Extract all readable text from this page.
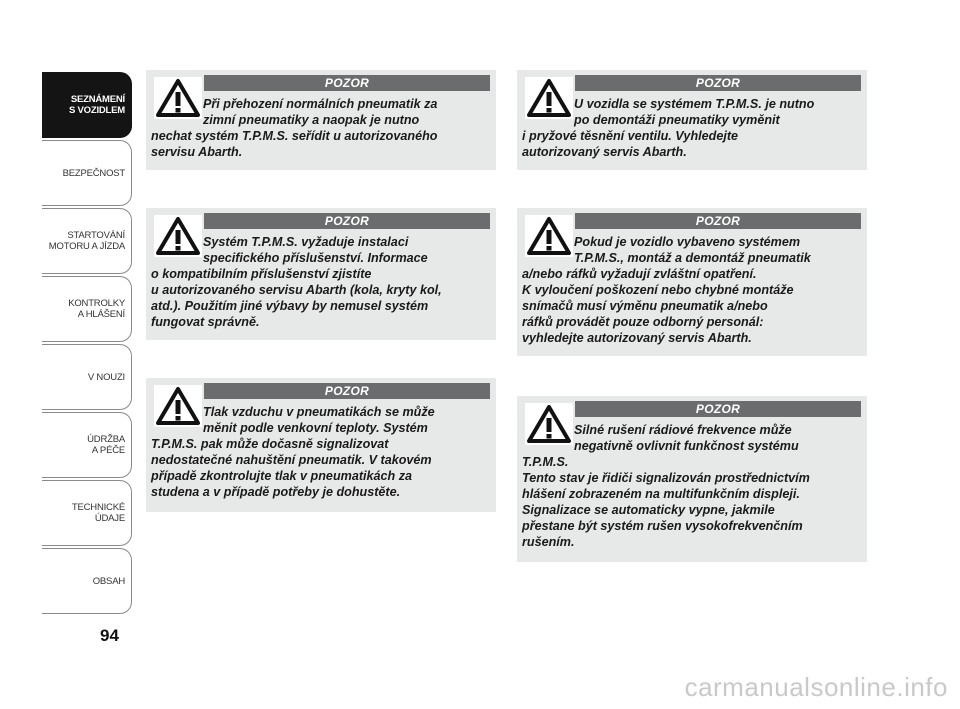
SEZNÁMENÍ
S VOZIDLEM
BEZPEČNOST
STARTOVÁNÍ
MOTORU A JÍZDA
KONTROLKY
A HLÁŠENÍ
V NOUZI
ÚDRŽBA
A PÉČE
TECHNICKÉ
ÚDAJE
OBSAH
94
POZOR
Při přehození normálních pneumatik za
zimní pneumatiky a naopak je nutno
nechat systém T.P.M.S. seřídit u autorizovaného
servisu Abarth.
POZOR
Systém T.P.M.S. vyžaduje instalaci
specifického příslušenství. Informace
o kompatibilním příslušenství zjistíte
u autorizovaného servisu Abarth (kola, kryty kol,
atd.). Použitím jiné výbavy by nemusel systém
fungovat správně.
POZOR
Tlak vzduchu v pneumatikách se může
měnit podle venkovní teploty. Systém
T.P.M.S. pak může dočasně signalizovat
nedostatečné nahuštění pneumatik. V takovém
případě zkontrolujte tlak v pneumatikách za
studena a v případě potřeby je dohustěte.
POZOR
U vozidla se systémem T.P.M.S. je nutno
po demontáži pneumatiky vyměnit
i pryžové těsnění ventilu. Vyhledejte
autorizovaný servis Abarth.
POZOR
Pokud je vozidlo vybaveno systémem
T.P.M.S., montáž a demontáž pneumatik
a/nebo ráfků vyžadují zvláštní opatření.
K vyloučení poškození nebo chybné montáže
snímačů musí výměnu pneumatik a/nebo
ráfků provádět pouze odborný personál:
vyhledejte autorizovaný servis Abarth.
POZOR
Silné rušení rádiové frekvence může
negativně ovlivnit funkčnost systému
T.P.M.S.
Tento stav je řidiči signalizován prostřednictvím
hlášení zobrazeném na multifunkčním displeji.
Signalizace se automaticky vypne, jakmile
přestane být systém rušen vysokofrekvenčním
rušením.
carmanualsonline.info
